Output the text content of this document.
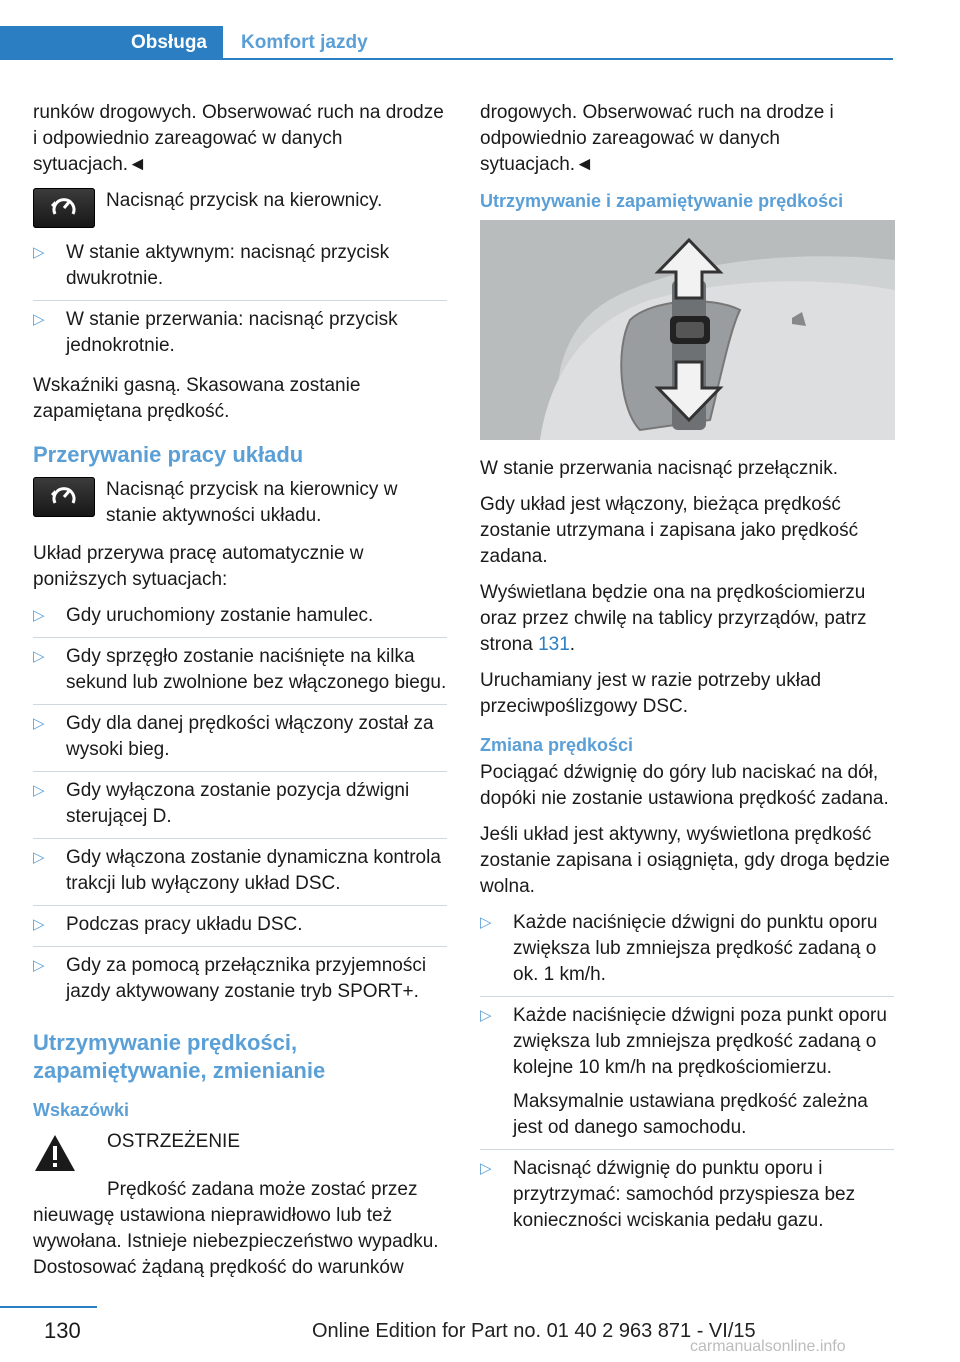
Obsługa	Komfort jazdy

runków drogowych. Obserwować ruch na drodze i odpowiednio zareagować w danych sytuacjach.◄

Nacisnąć przycisk na kierownicy.
▷ W stanie aktywnym: nacisnąć przycisk dwukrotnie.
▷ W stanie przerwania: nacisnąć przycisk jednokrotnie.

Wskaźniki gasną. Skasowana zostanie zapamiętana prędkość.

Przerywanie pracy układu
Nacisnąć przycisk na kierownicy w stanie aktywności układu.

Układ przerywa pracę automatycznie w poniższych sytuacjach:

▷ Gdy uruchomiony zostanie hamulec.
▷ Gdy sprzęgło zostanie naciśnięte na kilka sekund lub zwolnione bez włączonego biegu.
▷ Gdy dla danej prędkości włączony został za wysoki bieg.
▷ Gdy wyłączona zostanie pozycja dźwigni sterującej D.
▷ Gdy włączona zostanie dynamiczna kontrola trakcji lub wyłączony układ DSC.
▷ Podczas pracy układu DSC.
▷ Gdy za pomocą przełącznika przyjemności jazdy aktywowany zostanie tryb SPORT+.
Utrzymywanie prędkości, zapamiętywanie, zmienianie
Wskazówki
OSTRZEŻENIE

Prędkość zadana może zostać przez nieuwagę ustawiona nieprawidłowo lub też wywołana. Istnieje niebezpieczeństwo wypadku. Dostosować żądaną prędkość do warunków

drogowych. Obserwować ruch na drodze i odpowiednio zareagować w danych sytuacjach.◄

Utrzymywanie i zapamiętywanie prędkości

W stanie przerwania nacisnąć przełącznik.

Gdy układ jest włączony, bieżąca prędkość zostanie utrzymana i zapisana jako prędkość zadana.

Wyświetlana będzie ona na prędkościomierzu oraz przez chwilę na tablicy przyrządów, patrz strona 131.

Uruchamiany jest w razie potrzeby układ przeciwpoślizgowy DSC.

Zmiana prędkości

Pociągać dźwignię do góry lub naciskać na dół, dopóki nie zostanie ustawiona prędkość zadana.

Jeśli układ jest aktywny, wyświetlona prędkość zostanie zapisana i osiągnięta, gdy droga będzie wolna.

▷ Każde naciśnięcie dźwigni do punktu oporu zwiększa lub zmniejsza prędkość zadaną o ok. 1 km/h.
▷ Każde naciśnięcie dźwigni poza punkt oporu zwiększa lub zmniejsza prędkość zadaną o kolejne 10 km/h na prędkościomierzu.
Maksymalnie ustawiana prędkość zależna jest od danego samochodu.
▷ Nacisnąć dźwignię do punktu oporu i przytrzymać: samochód przyspiesza bez konieczności wciskania pedału gazu.
130	Online Edition for Part no. 01 40 2 963 871 - VI/15
carmanualsonline.info
